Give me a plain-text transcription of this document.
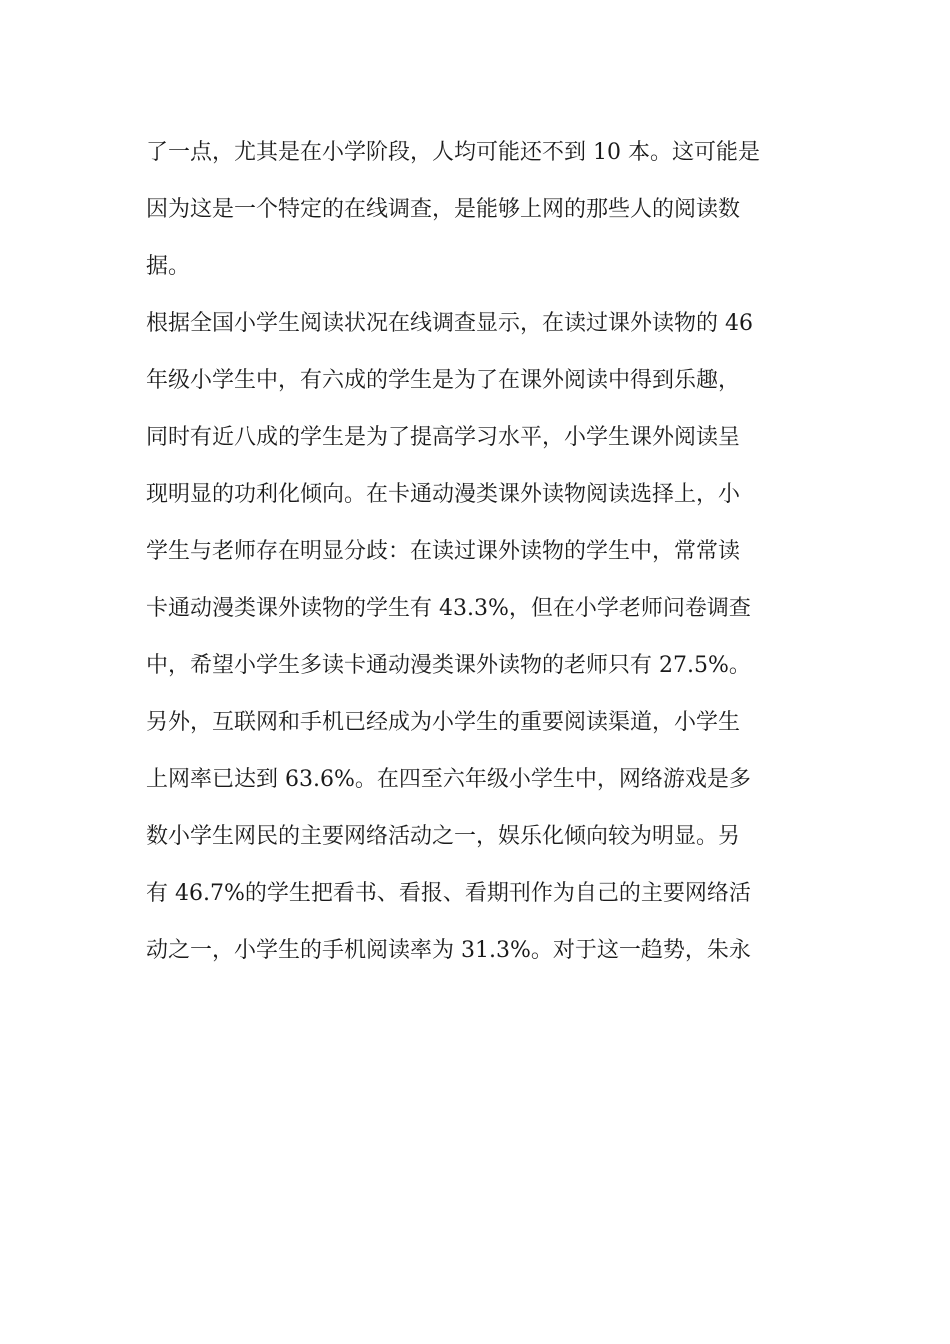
了一点，尤其是在小学阶段，人均可能还不到 10 本。这可能是
因为这是一个特定的在线调查，是能够上网的那些人的阅读数
据。
根据全国小学生阅读状况在线调查显示，在读过课外读物的 46
年级小学生中，有六成的学生是为了在课外阅读中得到乐趣，
同时有近八成的学生是为了提高学习水平，小学生课外阅读呈
现明显的功利化倾向。在卡通动漫类课外读物阅读选择上，小
学生与老师存在明显分歧：在读过课外读物的学生中，常常读
卡通动漫类课外读物的学生有 43.3%，但在小学老师问卷调查
中，希望小学生多读卡通动漫类课外读物的老师只有 27.5%。
另外，互联网和手机已经成为小学生的重要阅读渠道，小学生
上网率已达到 63.6%。在四至六年级小学生中，网络游戏是多
数小学生网民的主要网络活动之一，娱乐化倾向较为明显。另
有 46.7%的学生把看书、看报、看期刊作为自己的主要网络活
动之一，小学生的手机阅读率为 31.3%。对于这一趋势，朱永
